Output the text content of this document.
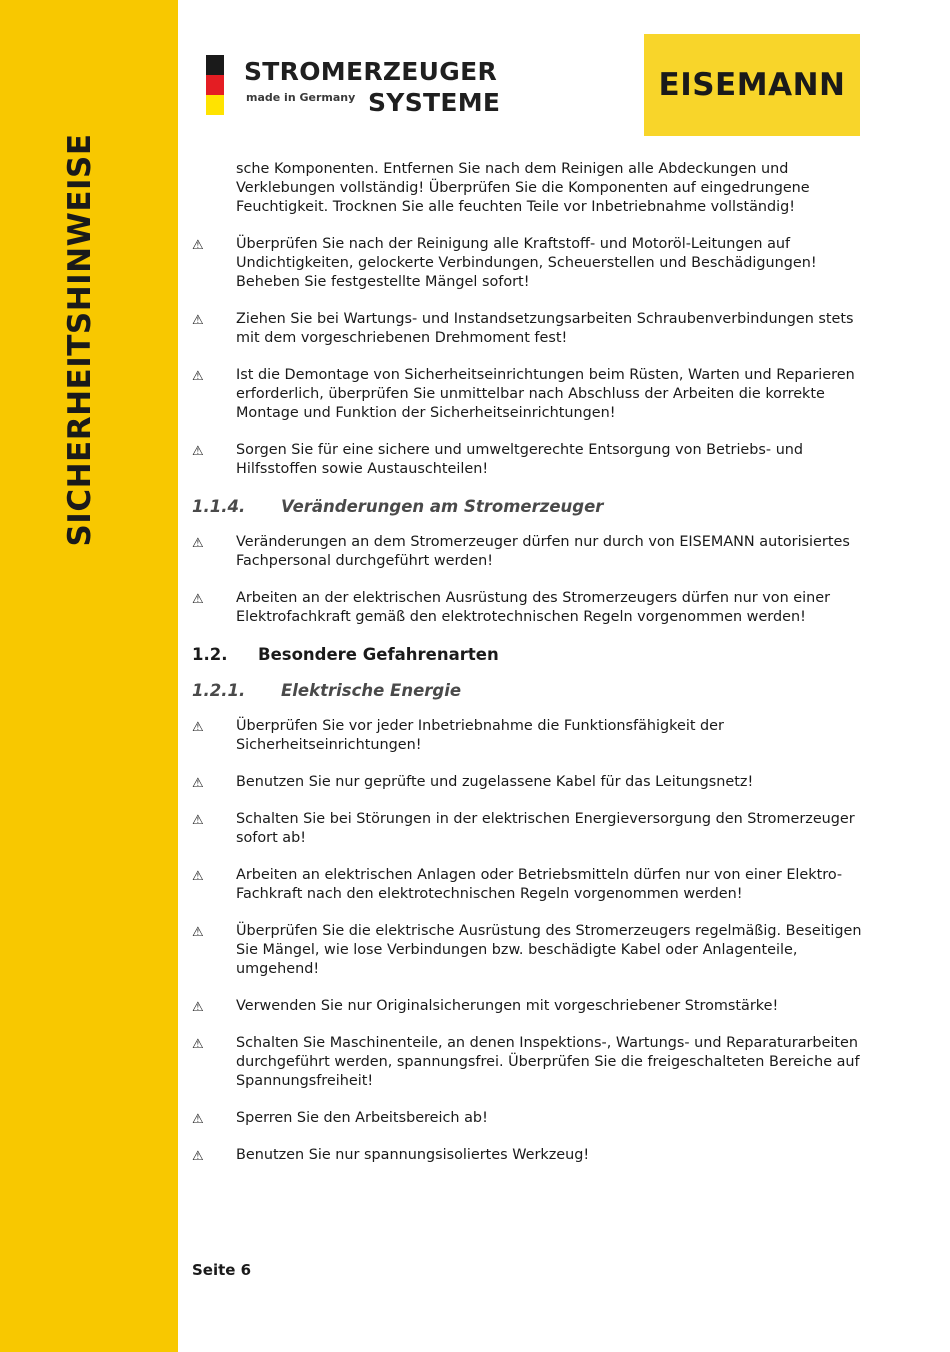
SICHERHEITSHINWEISE
STROMERZEUGER
made in Germany SYSTEME	EISEMANN
sche Komponenten. Entfernen Sie nach dem Reinigen alle Abdeckungen und Verklebungen vollständig! Überprüfen Sie die Komponenten auf eingedrungene Feuchtigkeit. Trocknen Sie alle feuchten Teile vor Inbetriebnahme vollständig!
⚠ Überprüfen Sie nach der Reinigung alle Kraftstoff- und Motoröl-Leitungen auf Undichtigkeiten, gelockerte Verbindungen, Scheuerstellen und Beschädigungen! Beheben Sie festgestellte Mängel sofort!
⚠ Ziehen Sie bei Wartungs- und Instandsetzungsarbeiten Schraubenverbindungen stets mit dem vorgeschriebenen Drehmoment fest!
⚠ Ist die Demontage von Sicherheitseinrichtungen beim Rüsten, Warten und Reparieren erforderlich, überprüfen Sie unmittelbar nach Abschluss der Arbeiten die korrekte Montage und Funktion der Sicherheitseinrichtungen!
⚠ Sorgen Sie für eine sichere und umweltgerechte Entsorgung von Betriebs- und Hilfsstoffen sowie Austauschteilen!
1.1.4.	Veränderungen am Stromerzeuger
⚠ Veränderungen an dem Stromerzeuger dürfen nur durch von EISEMANN autorisiertes Fachpersonal durchgeführt werden!
⚠ Arbeiten an der elektrischen Ausrüstung des Stromerzeugers dürfen nur von einer Elektrofachkraft gemäß den elektrotechnischen Regeln vorgenommen werden!
1.2.	Besondere Gefahrenarten
1.2.1.	Elektrische Energie
⚠ Überprüfen Sie vor jeder Inbetriebnahme die Funktionsfähigkeit der Sicherheitseinrichtungen!
⚠ Benutzen Sie nur geprüfte und zugelassene Kabel für das Leitungsnetz!
⚠ Schalten Sie bei Störungen in der elektrischen Energieversorgung den Stromerzeuger sofort ab!
⚠ Arbeiten an elektrischen Anlagen oder Betriebsmitteln dürfen nur von einer Elektro-Fachkraft nach den elektrotechnischen Regeln vorgenommen werden!
⚠ Überprüfen Sie die elektrische Ausrüstung des Stromerzeugers regelmäßig. Beseitigen Sie Mängel, wie lose Verbindungen bzw. beschädigte Kabel oder Anlagenteile, umgehend!
⚠ Verwenden Sie nur Originalsicherungen mit vorgeschriebener Stromstärke!
⚠ Schalten Sie Maschinenteile, an denen Inspektions-, Wartungs- und Reparaturarbeiten durchgeführt werden, spannungsfrei. Überprüfen Sie die freigeschalteten Bereiche auf Spannungsfreiheit!
⚠ Sperren Sie den Arbeitsbereich ab!
⚠ Benutzen Sie nur spannungsisoliertes Werkzeug!
Seite 6
